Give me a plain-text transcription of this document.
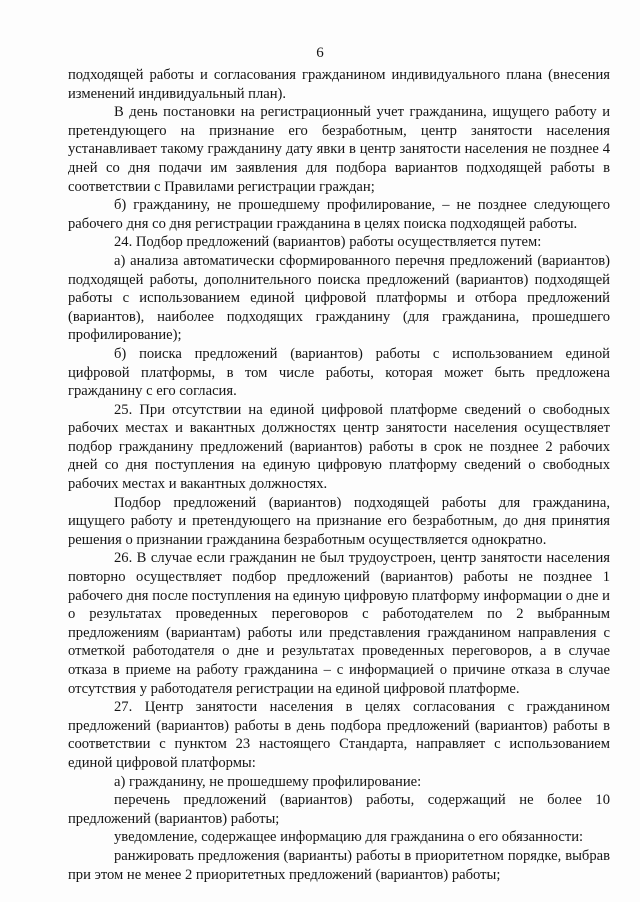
6

подходящей работы и согласования гражданином индивидуального плана (внесения изменений индивидуальный план).

В день постановки на регистрационный учет гражданина, ищущего работу и претендующего на признание его безработным, центр занятости населения устанавливает такому гражданину дату явки в центр занятости населения не позднее 4 дней со дня подачи им заявления для подбора вариантов подходящей работы в соответствии с Правилами регистрации граждан;

б) гражданину, не прошедшему профилирование, – не позднее следующего рабочего дня со дня регистрации гражданина в целях поиска подходящей работы.

24. Подбор предложений (вариантов) работы осуществляется путем:

а) анализа автоматически сформированного перечня предложений (вариантов) подходящей работы, дополнительного поиска предложений (вариантов) подходящей работы с использованием единой цифровой платформы и отбора предложений (вариантов), наиболее подходящих гражданину (для гражданина, прошедшего профилирование);

б) поиска предложений (вариантов) работы с использованием единой цифровой платформы, в том числе работы, которая может быть предложена гражданину с его согласия.

25. При отсутствии на единой цифровой платформе сведений о свободных рабочих местах и вакантных должностях центр занятости населения осуществляет подбор гражданину предложений (вариантов) работы в срок не позднее 2 рабочих дней со дня поступления на единую цифровую платформу сведений о свободных рабочих местах и вакантных должностях.

Подбор предложений (вариантов) подходящей работы для гражданина, ищущего работу и претендующего на признание его безработным, до дня принятия решения о признании гражданина безработным осуществляется однократно.

26. В случае если гражданин не был трудоустроен, центр занятости населения повторно осуществляет подбор предложений (вариантов) работы не позднее 1 рабочего дня после поступления на единую цифровую платформу информации о дне и о результатах проведенных переговоров с работодателем по 2 выбранным предложениям (вариантам) работы или представления гражданином направления с отметкой работодателя о дне и результатах проведенных переговоров, а в случае отказа в приеме на работу гражданина – с информацией о причине отказа в случае отсутствия у работодателя регистрации на единой цифровой платформе.

27. Центр занятости населения в целях согласования с гражданином предложений (вариантов) работы в день подбора предложений (вариантов) работы в соответствии с пунктом 23 настоящего Стандарта, направляет с использованием единой цифровой платформы:

а) гражданину, не прошедшему профилирование:

перечень предложений (вариантов) работы, содержащий не более 10 предложений (вариантов) работы;

уведомление, содержащее информацию для гражданина о его обязанности:

ранжировать предложения (варианты) работы в приоритетном порядке, выбрав при этом не менее 2 приоритетных предложений (вариантов) работы;
